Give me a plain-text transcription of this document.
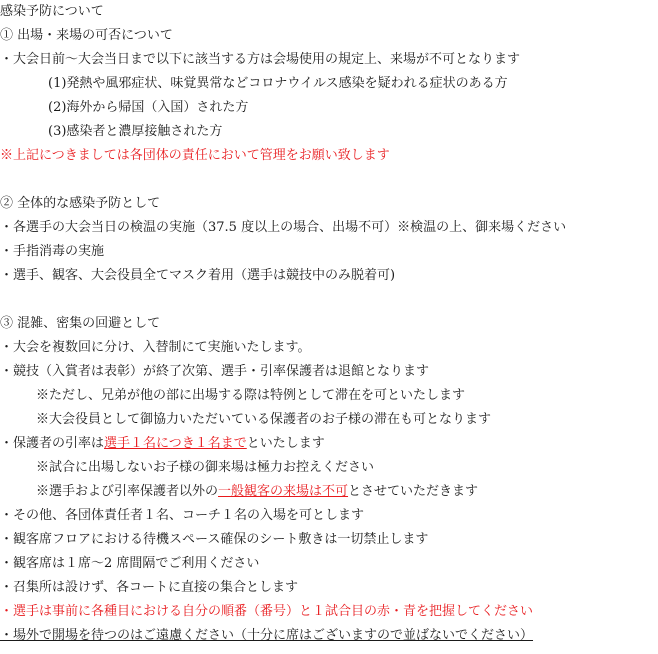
感染予防について
① 出場・来場の可否について
・大会日前～大会当日まで以下に該当する方は会場使用の規定上、来場が不可となります
(1)発熱や風邪症状、味覚異常などコロナウイルス感染を疑われる症状のある方
(2)海外から帰国（入国）された方
(3)感染者と濃厚接触された方
※上記につきましては各団体の責任において管理をお願い致します
② 全体的な感染予防として
・各選手の大会当日の検温の実施（37.5 度以上の場合、出場不可）※検温の上、御来場ください
・手指消毒の実施
・選手、観客、大会役員全てマスク着用（選手は競技中のみ脱着可)
③ 混雑、密集の回避として
・大会を複数回に分け、入替制にて実施いたします。
・競技（入賞者は表彰）が終了次第、選手・引率保護者は退館となります
※ただし、兄弟が他の部に出場する際は特例として滞在を可といたします
※大会役員として御協力いただいている保護者のお子様の滞在も可となります
・保護者の引率は選手１名につき１名までといたします
※試合に出場しないお子様の御来場は極力お控えください
※選手および引率保護者以外の一般観客の来場は不可とさせていただきます
・その他、各団体責任者１名、コーチ１名の入場を可とします
・観客席フロアにおける待機スペース確保のシート敷きは一切禁止します
・観客席は１席～2 席間隔でご利用ください
・召集所は設けず、各コートに直接の集合とします
・選手は事前に各種目における自分の順番（番号）と１試合目の赤・青を把握してください
・場外で開場を待つのはご遠慮ください（十分に席はございますので並ばないでください）
